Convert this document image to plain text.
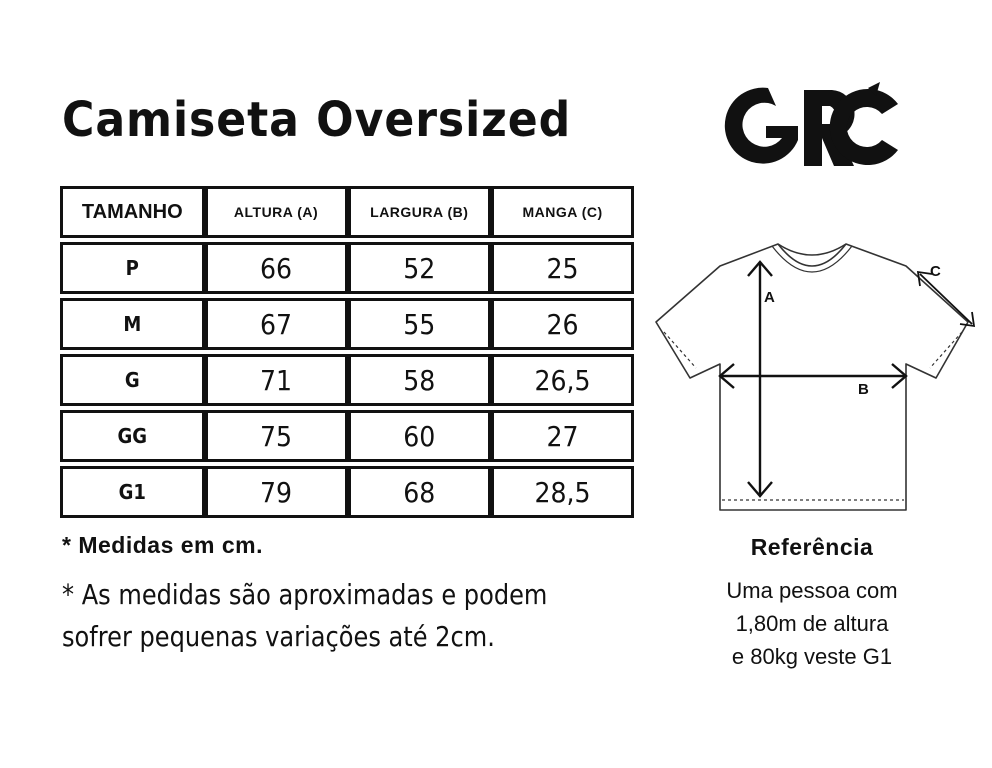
Camiseta Oversized
TAMANHO	ALTURA (A)	LARGURA (B)	MANGA (C)

P	66	52	25

M	67	55	26

G	71	58	26,5

GG	75	60	27

G1	79	68	28,5

* Medidas em cm.

* As medidas são aproximadas e podem sofrer pequenas variações até 2cm.

A
B
C

Referência

Uma pessoa com
1,80m de altura
e 80kg veste G1
